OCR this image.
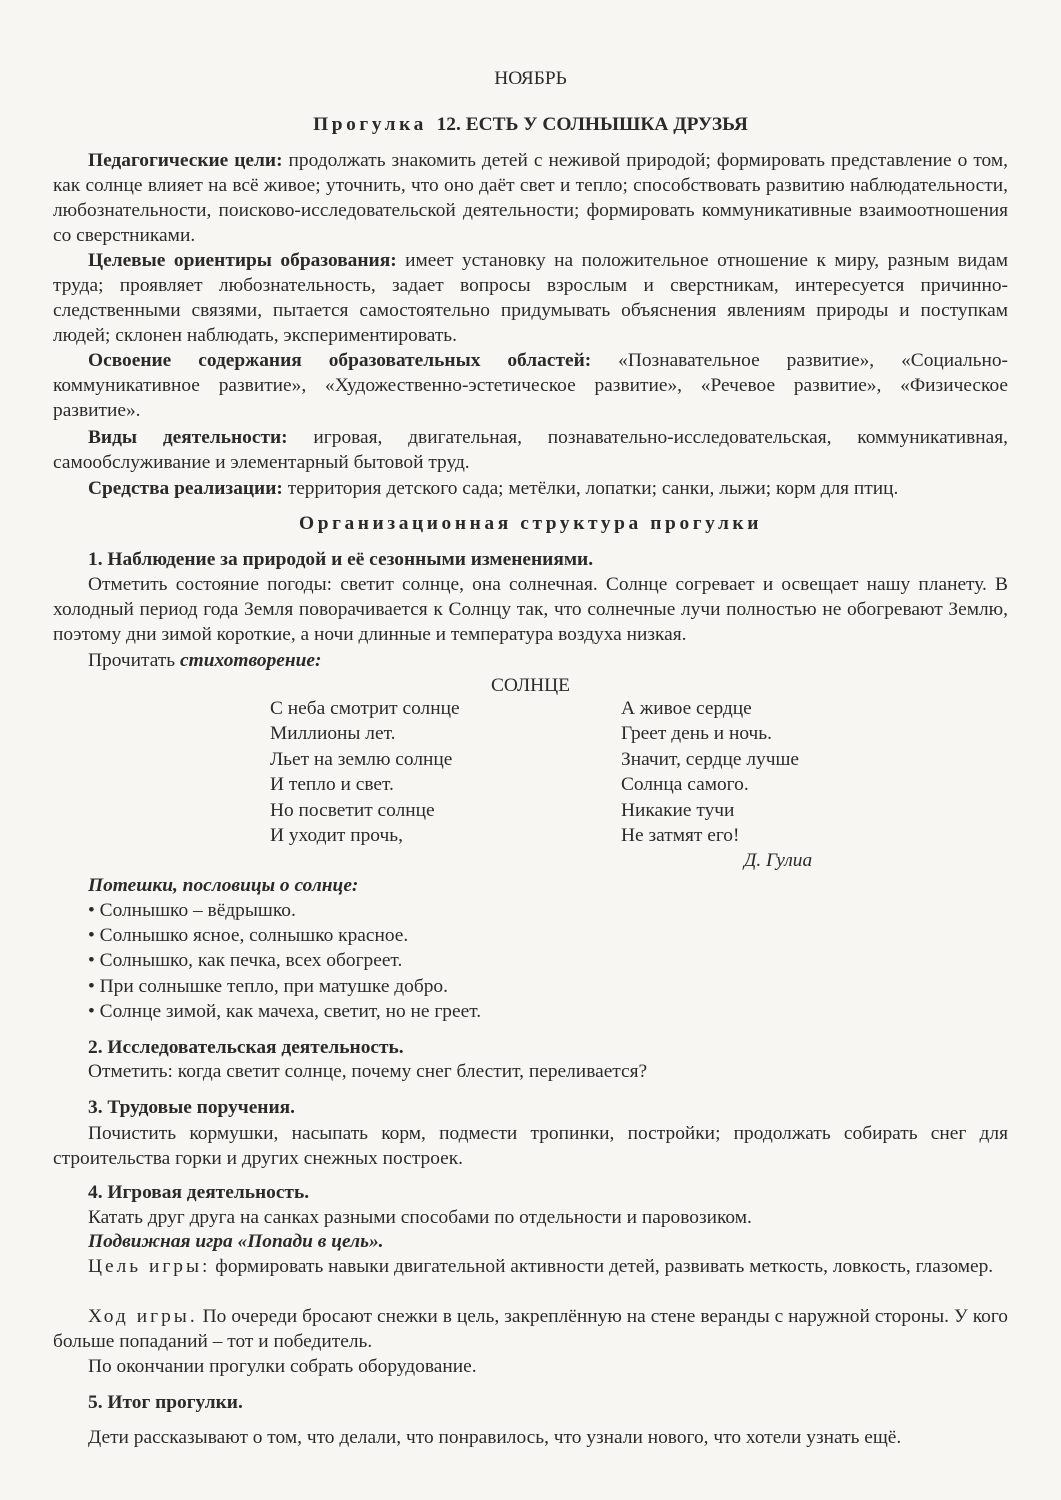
НОЯБРЬ
Прогулка 12. ЕСТЬ У СОЛНЫШКА ДРУЗЬЯ

Педагогические цели: продолжать знакомить детей с неживой природой; формировать представление о том, как солнце влияет на всё живое; уточнить, что оно даёт свет и тепло; способствовать развитию наблюдательности, любознательности, поисково-исследовательской деятельности; формировать коммуникативные взаимоотношения со сверстниками.

Целевые ориентиры образования: имеет установку на положительное отношение к миру, разным видам труда; проявляет любознательность, задает вопросы взрослым и сверстникам, интересуется причинно-следственными связями, пытается самостоятельно придумывать объяснения явлениям природы и поступкам людей; склонен наблюдать, экспериментировать.

Освоение содержания образовательных областей: «Познавательное развитие», «Социально-коммуникативное развитие», «Художественно-эстетическое развитие», «Речевое развитие», «Физическое развитие».

Виды деятельности: игровая, двигательная, познавательно-исследовательская, коммуникативная, самообслуживание и элементарный бытовой труд.

Средства реализации: территория детского сада; метёлки, лопатки; санки, лыжи; корм для птиц.

Организационная структура прогулки
1. Наблюдение за природой и её сезонными изменениями.

Отметить состояние погоды: светит солнце, она солнечная. Солнце согревает и освещает нашу планету. В холодный период года Земля поворачивается к Солнцу так, что солнечные лучи полностью не обогревают Землю, поэтому дни зимой короткие, а ночи длинные и температура воздуха низкая.

Прочитать стихотворение:
СОЛНЦЕ
С неба смотрит солнце
Миллионы лет.
Льет на землю солнце
И тепло и свет.
Но посветит солнце
И уходит прочь,
А живое сердце
Греет день и ночь.
Значит, сердце лучше
Солнца самого.
Никакие тучи
Не затмят его!
Д. Гулиа
Потешки, пословицы о солнце:
• Солнышко – вёдрышко.
• Солнышко ясное, солнышко красное.
• Солнышко, как печка, всех обогреет.
• При солнышке тепло, при матушке добро.
• Солнце зимой, как мачеха, светит, но не греет.
2. Исследовательская деятельность.

Отметить: когда светит солнце, почему снег блестит, переливается?

3. Трудовые поручения.

Почистить кормушки, насыпать корм, подмести тропинки, постройки; продолжать собирать снег для строительства горки и других снежных построек.

4. Игровая деятельность.

Катать друг друга на санках разными способами по отдельности и паровозиком.

Подвижная игра «Попади в цель».

Цель игры: формировать навыки двигательной активности детей, развивать меткость, ловкость, глазомер.

Ход игры. По очереди бросают снежки в цель, закреплённую на стене веранды с наружной стороны. У кого больше попаданий – тот и победитель.

По окончании прогулки собрать оборудование.

5. Итог прогулки.

Дети рассказывают о том, что делали, что понравилось, что узнали нового, что хотели узнать ещё.
